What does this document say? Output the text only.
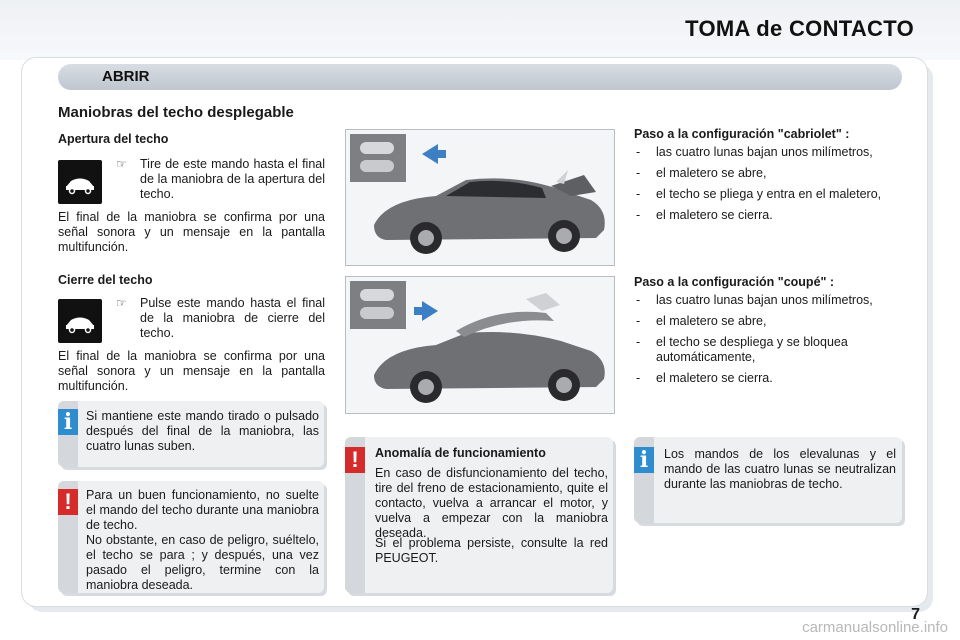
TOMA de CONTACTO
ABRIR
Maniobras del techo desplegable
Apertura del techo
☞ Tire de este mando hasta el final de la maniobra de la apertura del techo.
El final de la maniobra se confirma por una señal sonora y un mensaje en la pantalla multifunción.
Cierre del techo
☞ Pulse este mando hasta el final de la maniobra de cierre del techo.
El final de la maniobra se confirma por una señal sonora y un mensaje en la pantalla multifunción.
Paso a la configuración "cabriolet" :
- las cuatro lunas bajan unos milímetros,
- el maletero se abre,
- el techo se pliega y entra en el maletero,
- el maletero se cierra.
Paso a la configuración "coupé" :
- las cuatro lunas bajan unos milímetros,
- el maletero se abre,
- el techo se despliega y se bloquea automáticamente,
- el maletero se cierra.
i	Si mantiene este mando tirado o pulsado después del final de la maniobra, las cuatro lunas suben.
!	Para un buen funcionamiento, no suelte el mando del techo durante una maniobra de techo.
No obstante, en caso de peligro, suéltelo, el techo se para ; y después, una vez pasado el peligro, termine con la maniobra deseada.
!	Anomalía de funcionamiento
En caso de disfuncionamiento del techo, tire del freno de estacionamiento, quite el contacto, vuelva a arrancar el motor, y vuelva a empezar con la maniobra deseada.
Si el problema persiste, consulte la red PEUGEOT.
i	Los mandos de los elevalunas y el mando de las cuatro lunas se neutralizan durante las maniobras de techo.
7
carmanualsonline.info
